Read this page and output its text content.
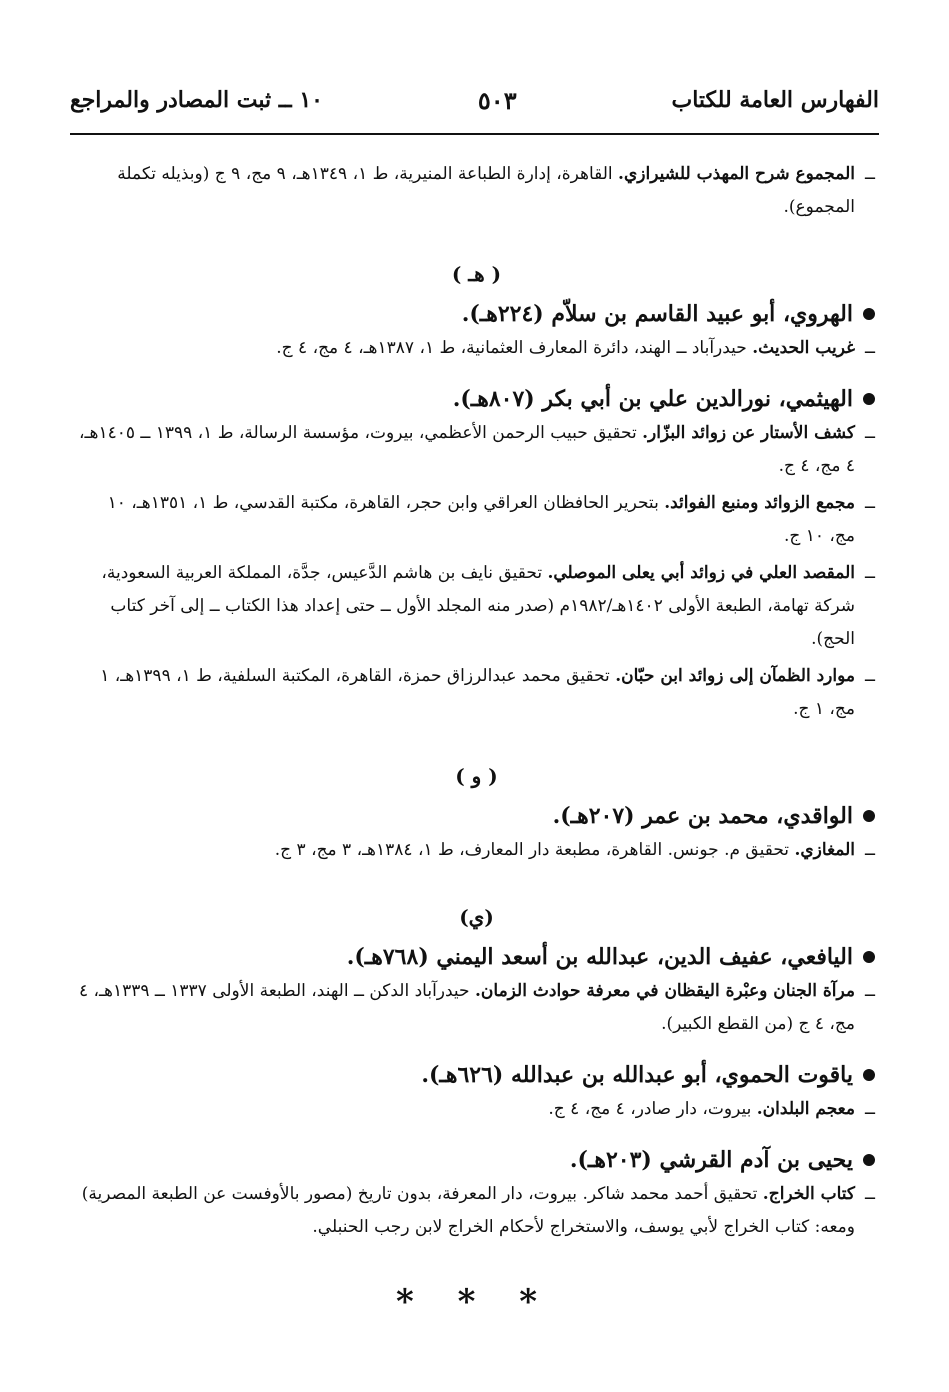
١٠ ــ ثبت المصادر والمراجع	٥٠٣	الفهارس العامة للكتاب

ــ
المجموع شرح المهذب للشيرازي. القاهرة، إدارة الطباعة المنيرية، ط ١، ١٣٤٩هـ، ٩ مج، ٩ ج (وبذيله تكملة المجموع).

( هـ )
الهروي، أبو عبيد القاسم بن سلاّم (٢٢٤هـ).

ــ
غريب الحديث. حيدرآباد ــ الهند، دائرة المعارف العثمانية، ط ١، ١٣٨٧هـ، ٤ مج، ٤ ج.

الهيثمي، نورالدين علي بن أبي بكر (٨٠٧هـ).

ــ
كشف الأستار عن زوائد البزّار. تحقيق حبيب الرحمن الأعظمي، بيروت، مؤسسة الرسالة، ط ١، ١٣٩٩ ــ ١٤٠٥هـ، ٤ مج، ٤ ج.

ــ
مجمع الزوائد ومنبع الفوائد. بتحرير الحافظان العراقي وابن حجر، القاهرة، مكتبة القدسي، ط ١، ١٣٥١هـ، ١٠ مج، ١٠ ج.

ــ
المقصد العلي في زوائد أبي يعلى الموصلي. تحقيق نايف بن هاشم الدَّعيس، جدَّة، المملكة العربية السعودية، شركة تهامة، الطبعة الأولى ١٤٠٢هـ/١٩٨٢م (صدر منه المجلد الأول ــ حتى إعداد هذا الكتاب ــ إلى آخر كتاب الحج).

ــ
موارد الظمآن إلى زوائد ابن حبّان. تحقيق محمد عبدالرزاق حمزة، القاهرة، المكتبة السلفية، ط ١، ١٣٩٩هـ، ١ مج، ١ ج.

( و )
الواقدي، محمد بن عمر (٢٠٧هـ).

ــ
المغازي. تحقيق م. جونس. القاهرة، مطبعة دار المعارف، ط ١، ١٣٨٤هـ، ٣ مج، ٣ ج.

(ي)
اليافعي، عفيف الدين، عبدالله بن أسعد اليمني (٧٦٨هـ).

ــ
مرآة الجنان وعبْرة اليقظان في معرفة حوادث الزمان. حيدرآباد الدكن ــ الهند، الطبعة الأولى ١٣٣٧ ــ ١٣٣٩هـ، ٤ مج، ٤ ج (من القطع الكبير).

ياقوت الحموي، أبو عبدالله بن عبدالله (٦٢٦هـ).

ــ
معجم البلدان. بيروت، دار صادر، ٤ مج، ٤ ج.

يحيى بن آدم القرشي (٢٠٣هـ).

ــ
كتاب الخراج. تحقيق أحمد محمد شاكر. بيروت، دار المعرفة، بدون تاريخ (مصور بالأوفست عن الطبعة المصرية) ومعه: كتاب الخراج لأبي يوسف، والاستخراج لأحكام الخراج لابن رجب الحنبلي.

* * *
